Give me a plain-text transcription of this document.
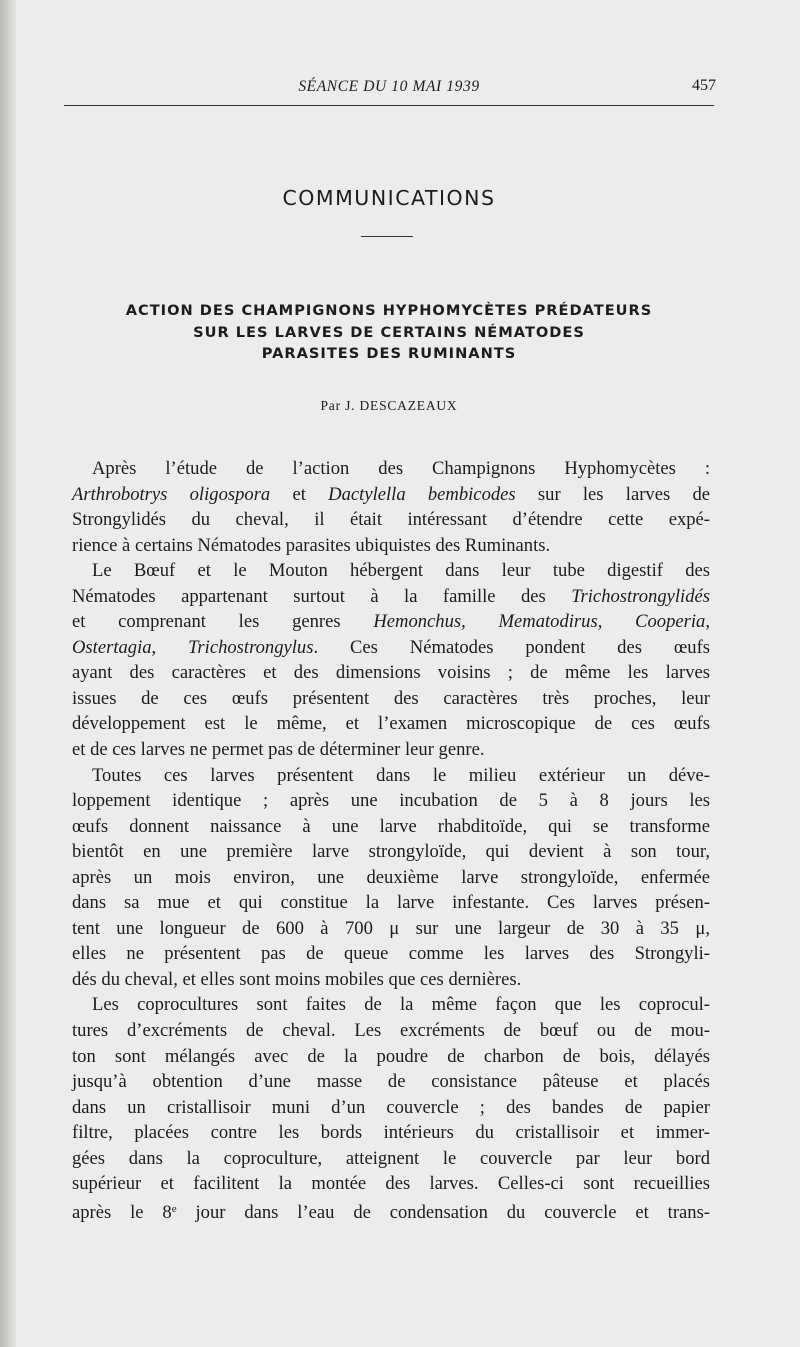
SÉANCE DU 10 MAI 1939	457
COMMUNICATIONS
ACTION DES CHAMPIGNONS HYPHOMYCÈTES PRÉDATEURS
SUR LES LARVES DE CERTAINS NÉMATODES
PARASITES DES RUMINANTS
Par J. DESCAZEAUX
Après l’étude de l’action des Champignons Hyphomycètes :
Arthrobotrys oligospora et Dactylella bembicodes sur les larves de
Strongylidés du cheval, il était intéressant d’étendre cette expé-
rience à certains Nématodes parasites ubiquistes des Ruminants.
Le Bœuf et le Mouton hébergent dans leur tube digestif des
Nématodes appartenant surtout à la famille des Trichostrongylidés
et comprenant les genres Hemonchus, Mematodirus, Cooperia,
Ostertagia, Trichostrongylus. Ces Nématodes pondent des œufs
ayant des caractères et des dimensions voisins ; de même les larves
issues de ces œufs présentent des caractères très proches, leur
développement est le même, et l’examen microscopique de ces œufs
et de ces larves ne permet pas de déterminer leur genre.
Toutes ces larves présentent dans le milieu extérieur un déve-
loppement identique ; après une incubation de 5 à 8 jours les
œufs donnent naissance à une larve rhabditoïde, qui se transforme
bientôt en une première larve strongyloïde, qui devient à son tour,
après un mois environ, une deuxième larve strongyloïde, enfermée
dans sa mue et qui constitue la larve infestante. Ces larves présen-
tent une longueur de 600 à 700 μ sur une largeur de 30 à 35 μ,
elles ne présentent pas de queue comme les larves des Strongyli-
dés du cheval, et elles sont moins mobiles que ces dernières.
Les coprocultures sont faites de la même façon que les coprocul-
tures d’excréments de cheval. Les excréments de bœuf ou de mou-
ton sont mélangés avec de la poudre de charbon de bois, délayés
jusqu’à obtention d’une masse de consistance pâteuse et placés
dans un cristallisoir muni d’un couvercle ; des bandes de papier
filtre, placées contre les bords intérieurs du cristallisoir et immer-
gées dans la coproculture, atteignent le couvercle par leur bord
supérieur et facilitent la montée des larves. Celles-ci sont recueillies
après le 8e jour dans l’eau de condensation du couvercle et trans-
